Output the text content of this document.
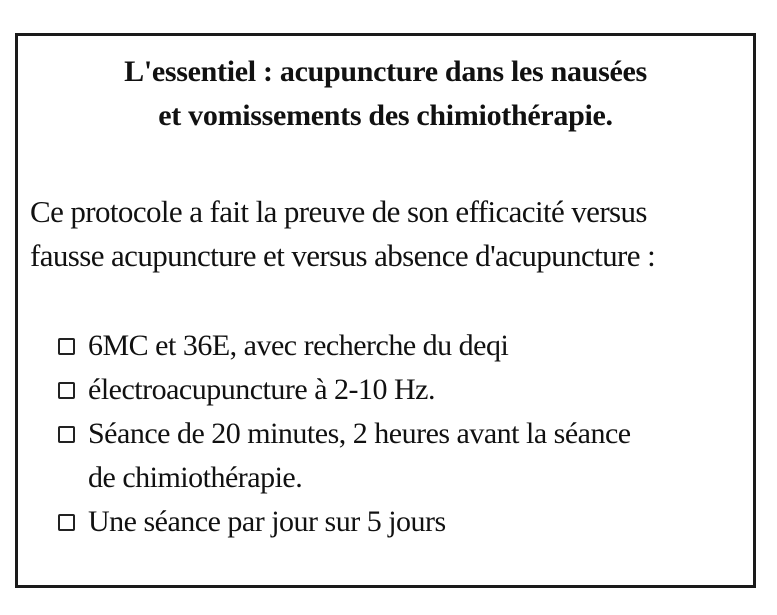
L'essentiel : acupuncture dans les nausées
et vomissements des chimiothérapie.
Ce protocole a fait la preuve de son efficacité versus
fausse acupuncture et versus absence d'acupuncture :
6MC et 36E, avec recherche du deqi
électroacupuncture à 2-10 Hz.
Séance de 20 minutes, 2 heures avant la séance
de chimiothérapie.
Une séance par jour sur 5 jours
